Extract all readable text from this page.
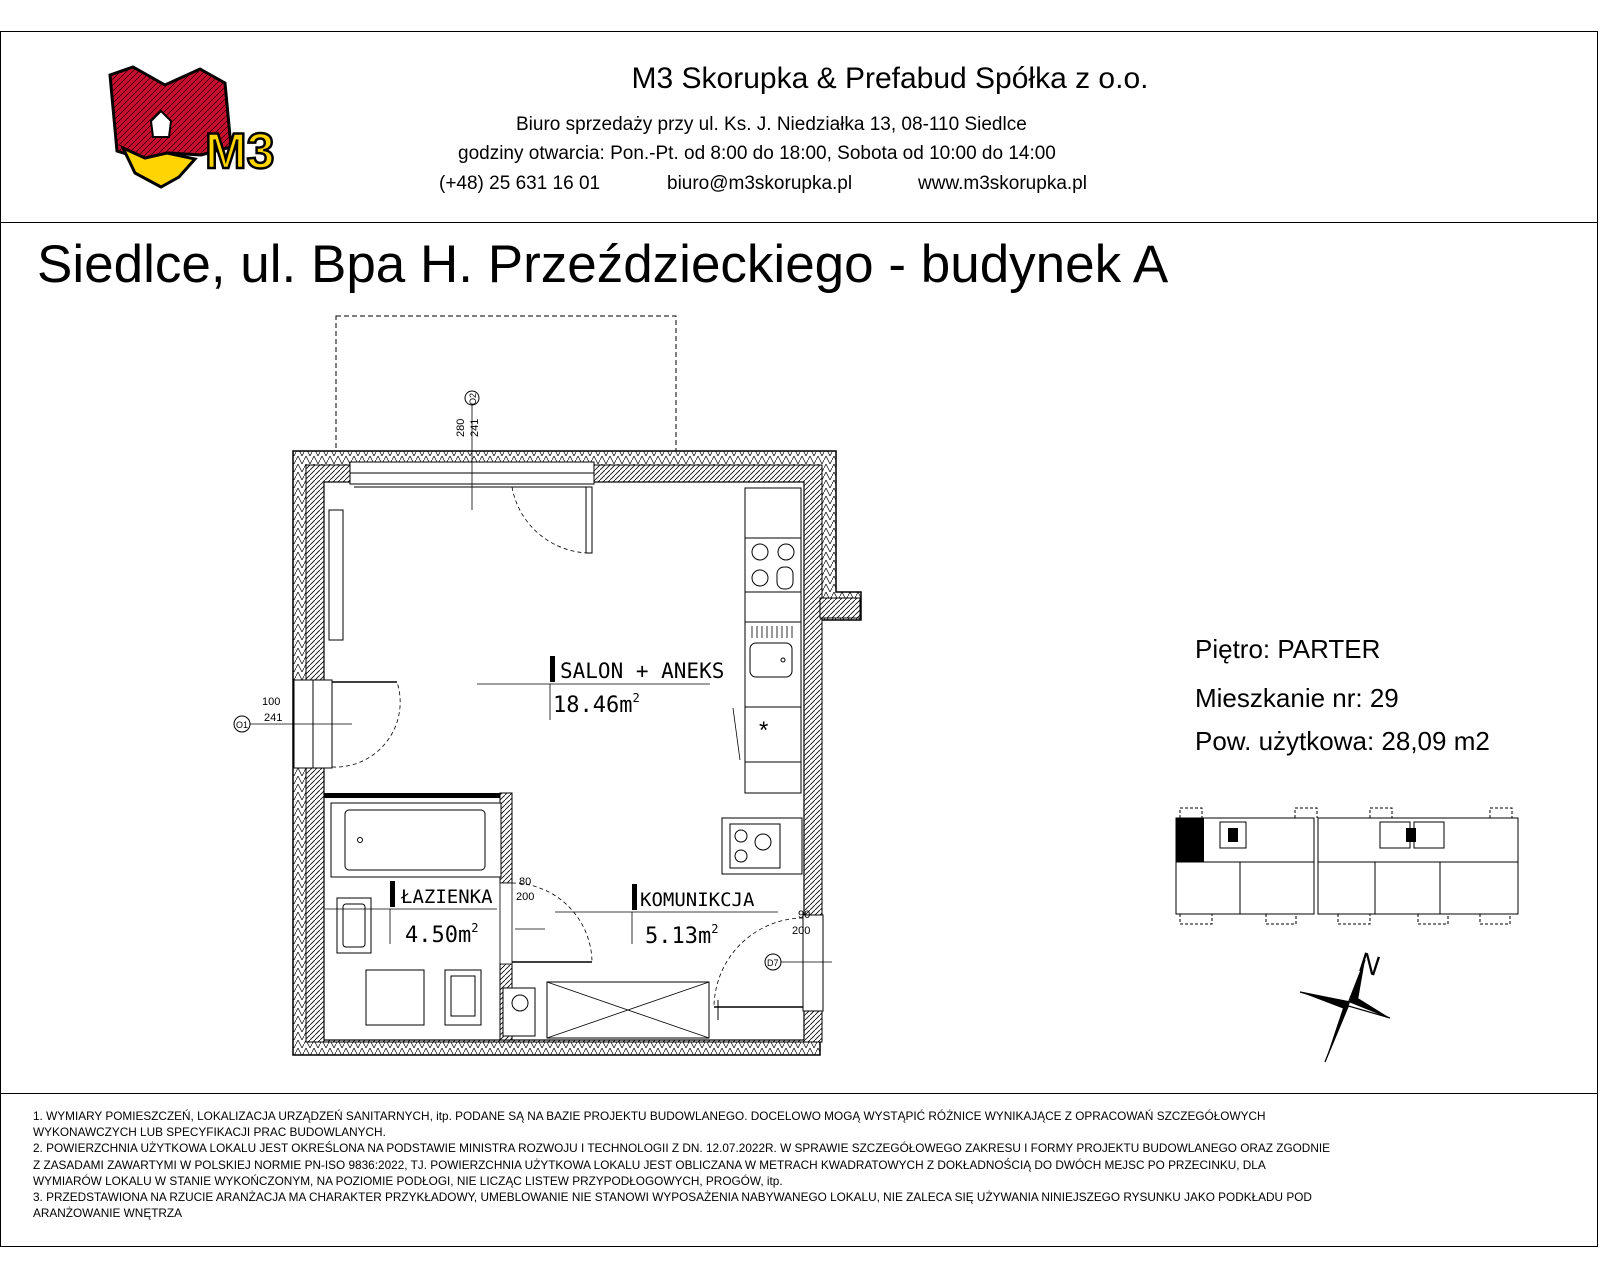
M3
M3 Skorupka & Prefabud Spółka z o.o.
Biuro sprzedaży przy ul. Ks. J. Niedziałka 13, 08-110 Siedlce
godziny otwarcia: Pon.-Pt. od 8:00 do 18:00, Sobota od 10:00 do 14:00
(+48) 25 631 16 01	biuro@m3skorupka.pl	www.m3skorupka.pl
Siedlce, ul. Bpa H. Przeździeckiego - budynek A
Piętro: PARTER
Mieszkanie nr: 29
Pow. użytkowa: 28,09 m2
*
SALON + ANEKS
$18.46m^2$
ŁAZIENKA
$4.50m^2$
KOMUNIKCJA
$5.13m^2$
280 241
O2
100
241
O1
80
200
90
200
D7	N
1. WYMIARY POMIESZCZEŃ, LOKALIZACJA URZĄDZEŃ SANITARNYCH, itp. PODANE SĄ NA BAZIE PROJEKTU BUDOWLANEGO. DOCELOWO MOGĄ WYSTĄPIĆ RÓŻNICE WYNIKAJĄCE Z OPRACOWAŃ SZCZEGÓŁOWYCH
WYKONAWCZYCH LUB SPECYFIKACJI PRAC BUDOWLANYCH.
2. POWIERZCHNIA UŻYTKOWA LOKALU JEST OKREŚLONA NA PODSTAWIE MINISTRA ROZWOJU I TECHNOLOGII Z DN. 12.07.2022R. W SPRAWIE SZCZEGÓŁOWEGO ZAKRESU I FORMY PROJEKTU BUDOWLANEGO ORAZ ZGODNIE
Z ZASADAMI ZAWARTYMI W POLSKIEJ NORMIE PN-ISO 9836:2022, TJ. POWIERZCHNIA UŻYTKOWA LOKALU JEST OBLICZANA W METRACH KWADRATOWYCH Z DOKŁADNOŚCIĄ DO DWÓCH MEJSC PO PRZECINKU, DLA
WYMIARÓW LOKALU W STANIE WYKOŃCZONYM, NA POZIOMIE PODŁOGI, NIE LICZĄC LISTEW PRZYPODŁOGOWYCH, PROGÓW, itp.
3. PRZEDSTAWIONA NA RZUCIE ARANŻACJA MA CHARAKTER PRZYKŁADOWY, UMEBLOWANIE NIE STANOWI WYPOSAŻENIA NABYWANEGO LOKALU, NIE ZALECA SIĘ UŻYWANIA NINIEJSZEGO RYSUNKU JAKO PODKŁADU POD
ARANŻOWANIE WNĘTRZA
